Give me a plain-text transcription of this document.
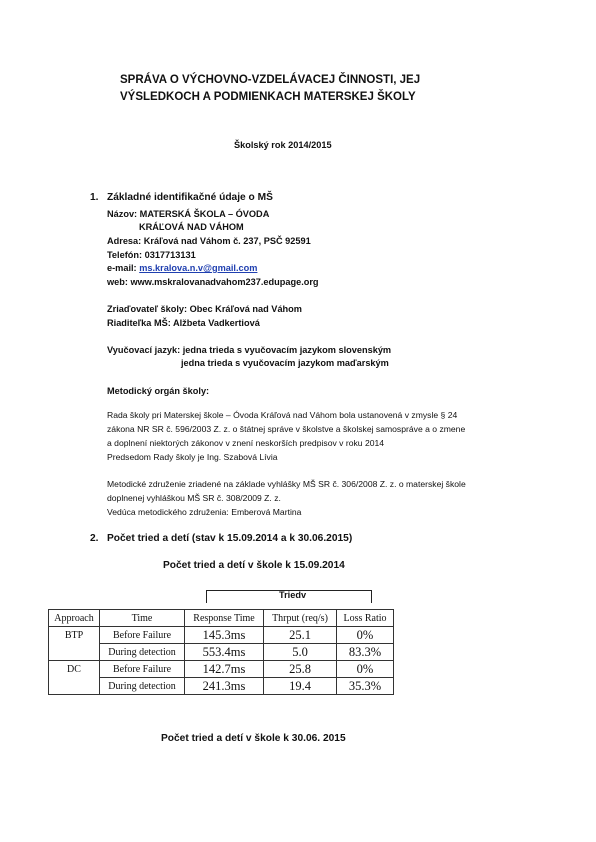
SPRÁVA O VÝCHOVNO-VZDELÁVACEJ ČINNOSTI, JEJ
VÝSLEDKOCH A PODMIENKACH MATERSKEJ ŠKOLY
Školský rok 2014/2015
1. Základné identifikačné údaje o MŠ
Názov: MATERSKÁ ŠKOLA – ÓVODA
KRÁĽOVÁ NAD VÁHOM
Adresa: Kráľová nad Váhom č. 237, PSČ 92591
Telefón: 0317713131
e-mail: ms.kralova.n.v@gmail.com
web: www.mskralovanadvahom237.edupage.org
Zriaďovateľ školy: Obec Kráľová nad Váhom
Riaditeľka MŠ: Alžbeta Vadkertiová
Vyučovací jazyk: jedna trieda s vyučovacím jazykom slovenským
jedna trieda s vyučovacím jazykom maďarským
Metodický orgán školy:
Rada školy pri Materskej škole – Óvoda Kráľová nad Váhom bola ustanovená v zmysle § 24
zákona NR SR č. 596/2003 Z. z. o štátnej správe v školstve a školskej samospráve a o zmene
a doplnení niektorých zákonov v znení neskorších predpisov v roku 2014
Predsedom Rady školy je Ing. Szabová Lívia
Metodické združenie zriadené na základe vyhlášky MŠ SR č. 306/2008 Z. z. o materskej škole
doplnenej vyhláškou MŠ SR č. 308/2009 Z. z.
Vedúca metodického združenia: Emberová Martina
2. Počet tried a detí (stav k 15.09.2014 a k 30.06.2015)
Počet tried a detí v škole k 15.09.2014
Triedv
Approach	Time	Response Time	Thrput (req/s)	Loss Ratio
BTP	Before Failure	145.3ms	25.1	0%
	During detection	553.4ms	5.0	83.3%
DC	Before Failure	142.7ms	25.8	0%
	During detection	241.3ms	19.4	35.3%
Počet tried a detí v škole k 30.06. 2015
